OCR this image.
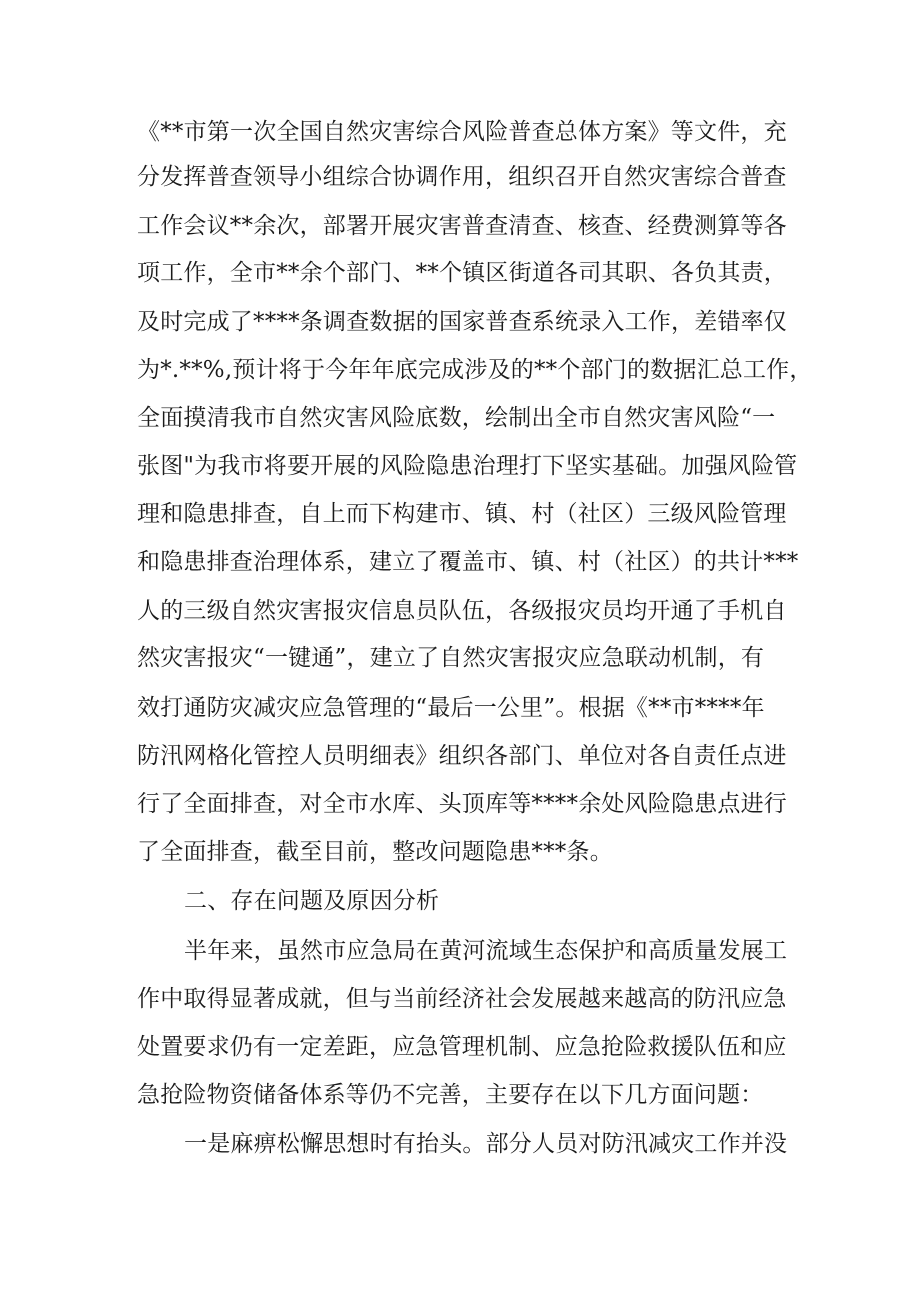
《**市第一次全国自然灾害综合风险普查总体方案》等文件，充
分发挥普查领导小组综合协调作用，组织召开自然灾害综合普查
工作会议**余次，部署开展灾害普查清查、核查、经费测算等各
项工作，全市**余个部门、**个镇区街道各司其职、各负其责，
及时完成了****条调查数据的国家普查系统录入工作，差错率仅
为*.**%,预计将于今年年底完成涉及的**个部门的数据汇总工作，
全面摸清我市自然灾害风险底数，绘制出全市自然灾害风险“一
张图"为我市将要开展的风险隐患治理打下坚实基础。加强风险管
理和隐患排查，自上而下构建市、镇、村（社区）三级风险管理
和隐患排查治理体系，建立了覆盖市、镇、村（社区）的共计***
人的三级自然灾害报灾信息员队伍，各级报灾员均开通了手机自
然灾害报灾“一键通”，建立了自然灾害报灾应急联动机制，有
效打通防灾减灾应急管理的“最后一公里”。根据《**市****年
防汛网格化管控人员明细表》组织各部门、单位对各自责任点进
行了全面排查，对全市水库、头顶库等****余处风险隐患点进行
了全面排查，截至目前，整改问题隐患***条。
二、存在问题及原因分析
半年来，虽然市应急局在黄河流域生态保护和高质量发展工
作中取得显著成就，但与当前经济社会发展越来越高的防汛应急
处置要求仍有一定差距，应急管理机制、应急抢险救援队伍和应
急抢险物资储备体系等仍不完善，主要存在以下几方面问题：
一是麻痹松懈思想时有抬头。部分人员对防汛减灾工作并没
